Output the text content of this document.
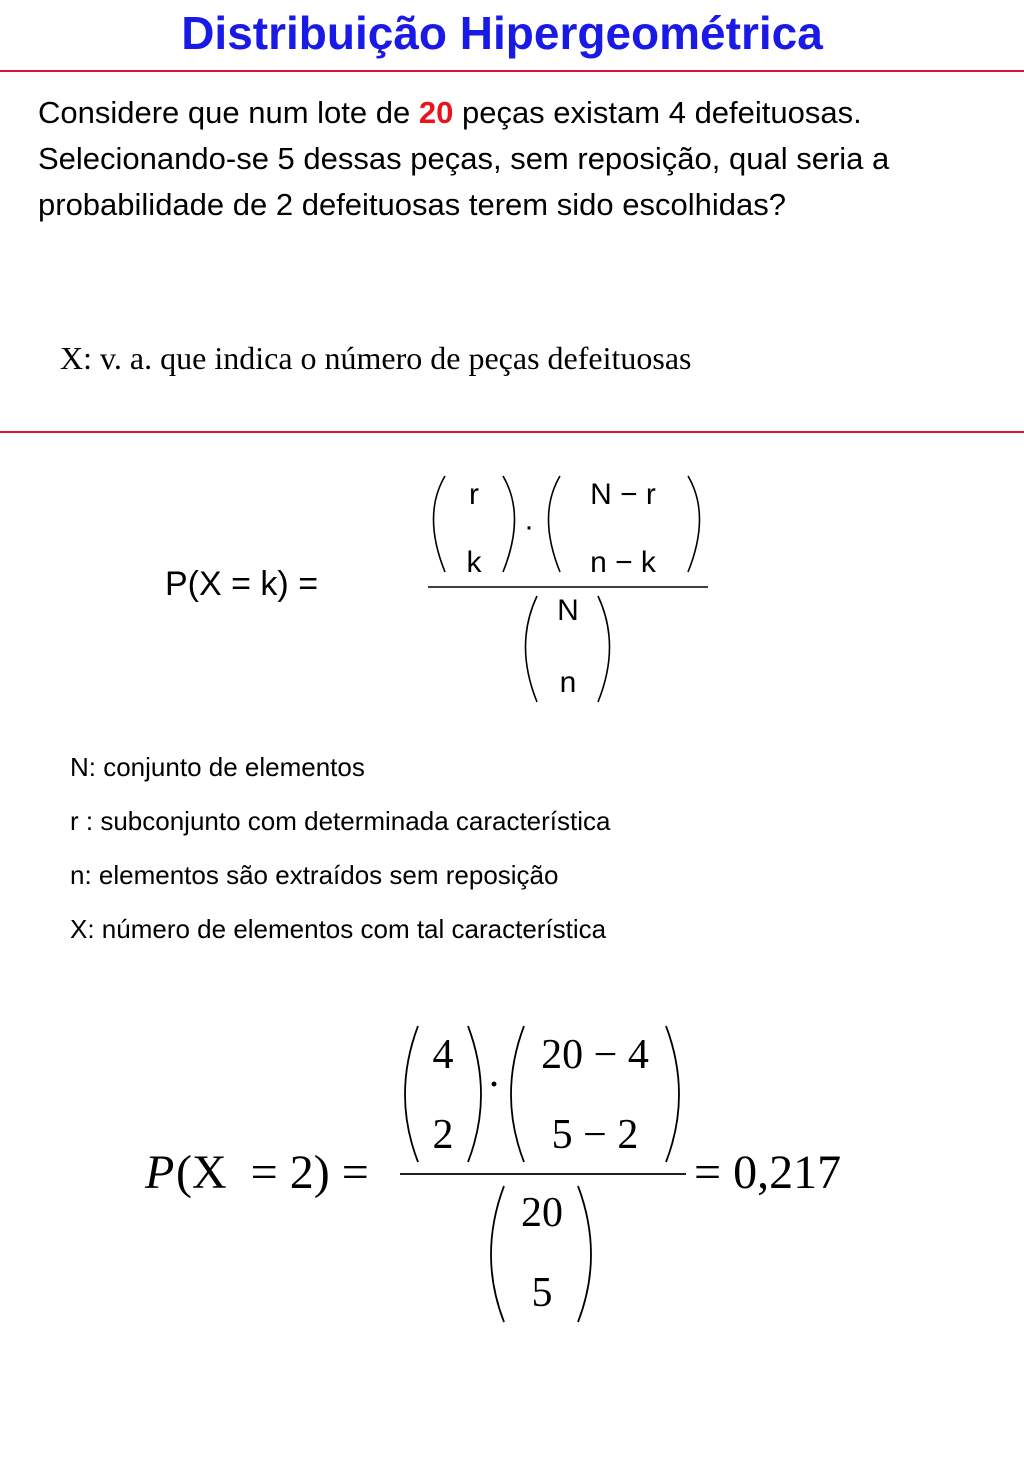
Distribuição Hipergeométrica
Considere que num lote de 20 peças existam 4 defeituosas. Selecionando-se 5 dessas peças, sem reposição, qual seria a probabilidade de 2 defeituosas terem sido escolhidas?
X: v. a. que indica o número de peças defeituosas
P(X = k) =
r
k
·
N − r
n − k
N
n
N: conjunto de elementos
r : subconjunto com determinada característica
n: elementos são extraídos sem reposição
X: número de elementos com tal característica
P (X  = 2) =
4
2
·
20 − 4
5 − 2
20
5
= 0,217
